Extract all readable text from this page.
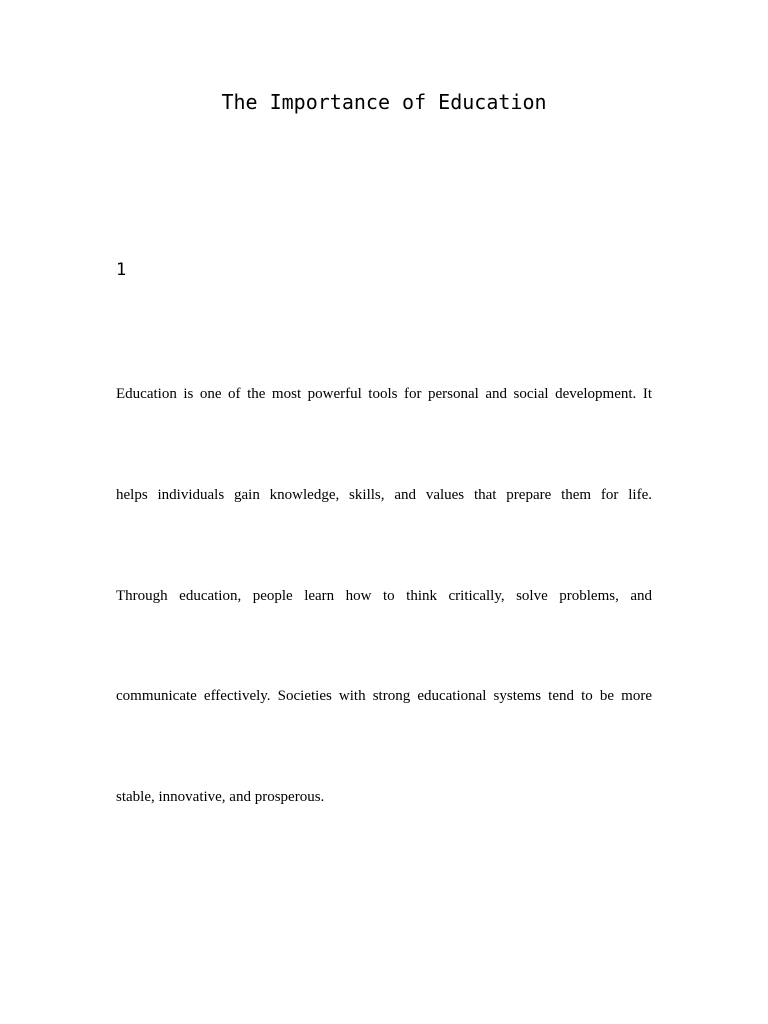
The Importance of Education
1

Education is one of the most powerful tools for personal and social development. It

helps individuals gain knowledge, skills, and values that prepare them for life.

Through education, people learn how to think critically, solve problems, and

communicate effectively. Societies with strong educational systems tend to be more

stable, innovative, and prosperous.
